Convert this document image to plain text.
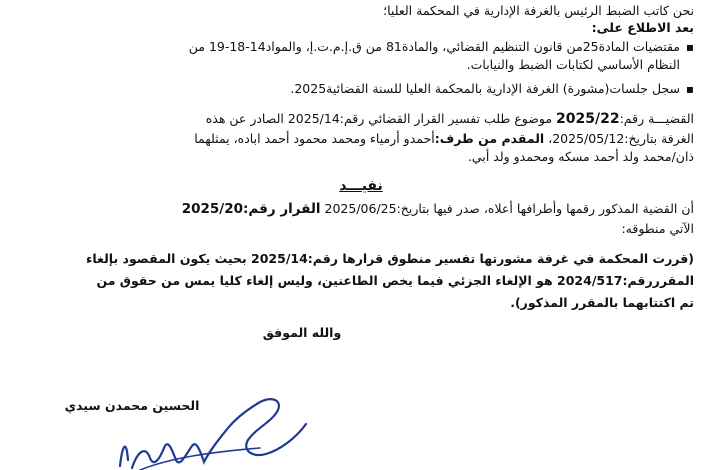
نحن كاتب الضبط الرئيس بالغرفة الإدارية في المحكمة العليا؛
بعد الاطلاع على:
▪
مقتضيات المادة25من قانون التنظيم القضائي، والمادة81 من ق.إ.م.ت.إ، والمواد14-18-19 من
النظام الأساسي لكتابات الضبط والنيابات.
▪
سجل جلسات(مشورة) الغرفة الإدارية بالمحكمة العليا للسنة القضائية2025.
القضيـــة رقم:2025/22 موضوع طلب تفسير القرار القضائي رقم:2025/14 الصادر عن هذه
الغرفة بتاريخ:2025/05/12، المقدم من طرف:أحمدو أرمياء ومحمد محمود أحمد اباده، يمثلهما
ذان/محمد ولد أحمد مسكه ومحمدو ولد أبي.
نفيـــد
أن القضية المذكور رقمها وأطرافها أعلاه، صدر فيها بتاريخ:2025/06/25 القرار رقم:2025/20
الآتي منطوقه:
(قررت المحكمة في غرفة مشورتها تفسير منطوق قرارها رقم:2025/14 بحيث يكون المقصود بإلغاء
المقرررقم:2024/517 هو الإلغاء الجزئي فيما يخص الطاعنين، وليس إلغاء كليا يمس من حقوق من
تم اكتتابهما بالمقرر المذكور).
والله الموفق
الحسين محمدن سيدي
